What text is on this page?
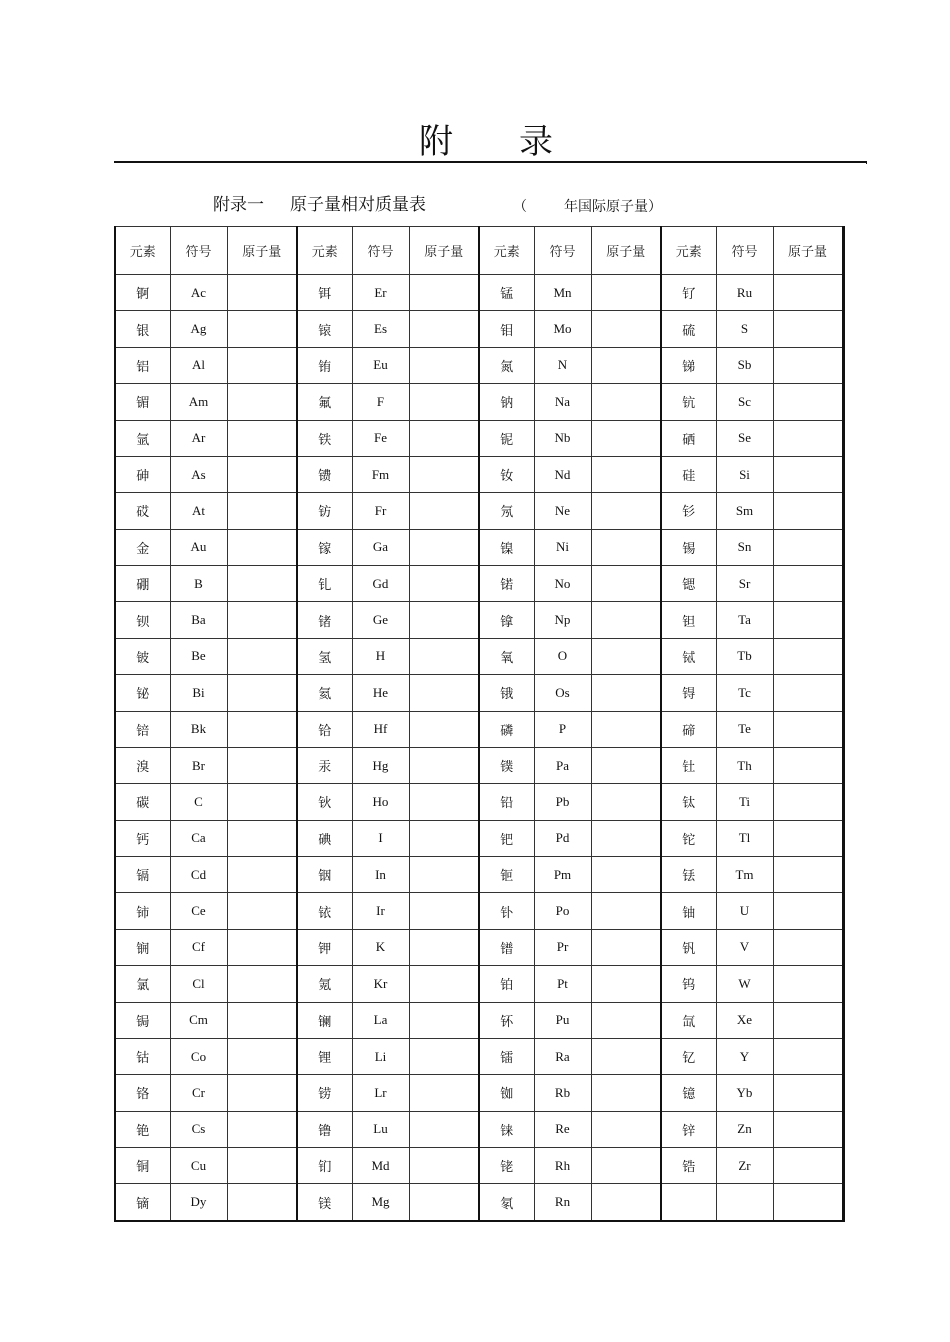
附 录
附录一 原子量相对质量表	（	年国际原子量）
元素	符号	原子量	元素	符号	原子量	元素	符号	原子量	元素	符号	原子量
锕	Ac		铒	Er		锰	Mn		钌	Ru	
银	Ag		锿	Es		钼	Mo		硫	S	
铝	Al		铕	Eu		氮	N		锑	Sb	
镅	Am		氟	F		钠	Na		钪	Sc	
氩	Ar		铁	Fe		铌	Nb		硒	Se	
砷	As		镄	Fm		钕	Nd		硅	Si	
砹	At		钫	Fr		氖	Ne		钐	Sm	
金	Au		镓	Ga		镍	Ni		锡	Sn	
硼	B		钆	Gd		锘	No		锶	Sr	
钡	Ba		锗	Ge		镎	Np		钽	Ta	
铍	Be		氢	H		氧	O		铽	Tb	
铋	Bi		氦	He		锇	Os		锝	Tc	
锫	Bk		铪	Hf		磷	P		碲	Te	
溴	Br		汞	Hg		镤	Pa		钍	Th	
碳	C		钬	Ho		铅	Pb		钛	Ti	
钙	Ca		碘	I		钯	Pd		铊	Tl	
镉	Cd		铟	In		钷	Pm		铥	Tm	
铈	Ce		铱	Ir		钋	Po		铀	U	
锎	Cf		钾	K		镨	Pr		钒	V	
氯	Cl		氪	Kr		铂	Pt		钨	W	
锔	Cm		镧	La		钚	Pu		氙	Xe	
钴	Co		锂	Li		镭	Ra		钇	Y	
铬	Cr		铹	Lr		铷	Rb		镱	Yb	
铯	Cs		镥	Lu		铼	Re		锌	Zn	
铜	Cu		钔	Md		铑	Rh		锆	Zr	
镝	Dy		镁	Mg		氡	Rn				
